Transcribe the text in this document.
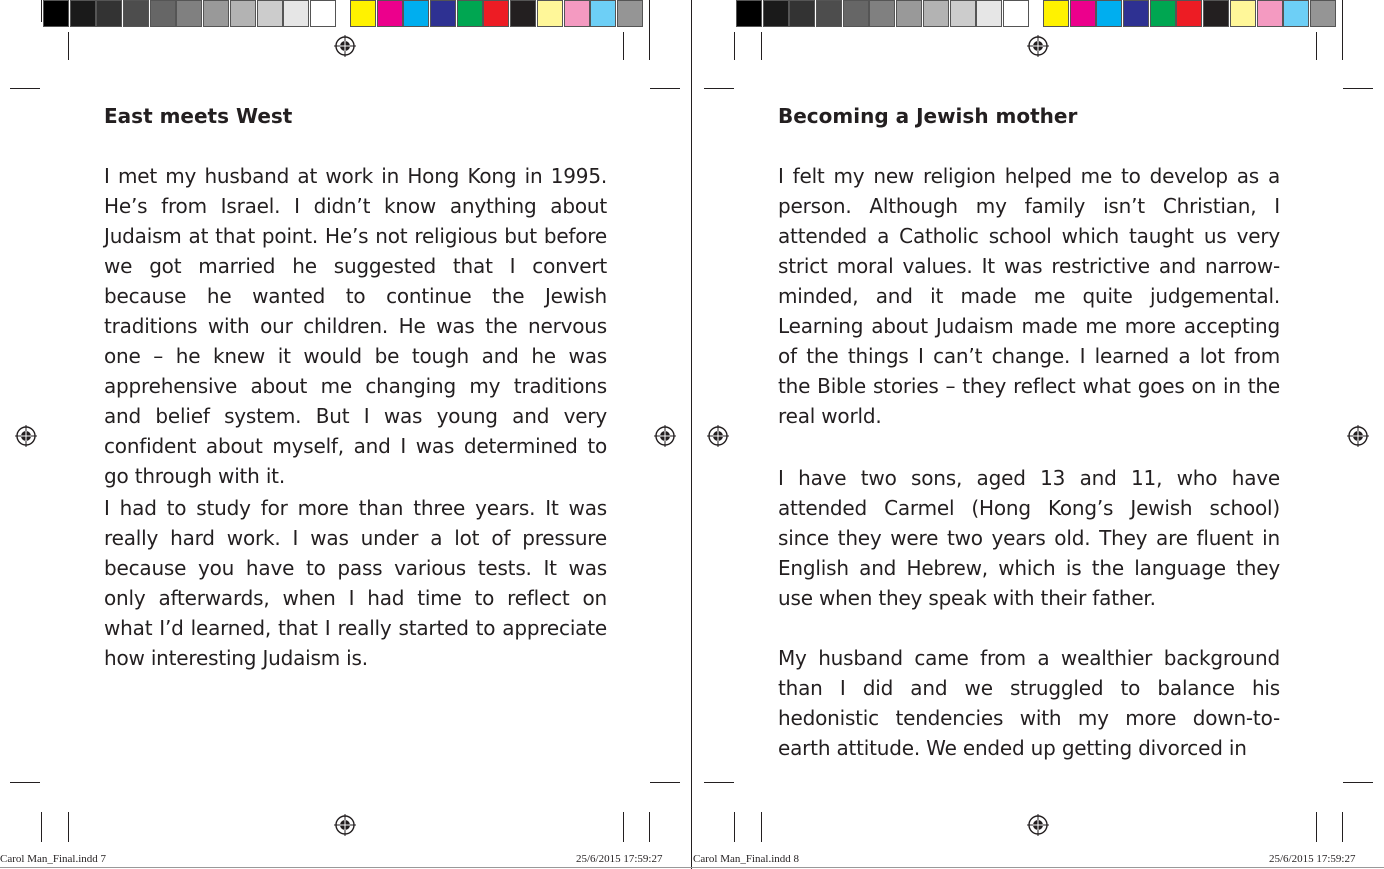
East meets West

I met my husband at work in Hong Kong in 1995. He’s from Israel. I didn’t know anything about Judaism at that point. He’s not religious but before we got married he suggested that I convert because he wanted to continue the Jewish traditions with our children. He was the nervous one – he knew it would be tough and he was apprehensive about me changing my traditions and belief system. But I was young and very confident about myself, and I was determined to go through with it.

I had to study for more than three years. It was really hard work. I was under a lot of pressure because you have to pass various tests. It was only afterwards, when I had time to reflect on what I’d learned, that I really started to appreciate how interesting Judaism is.

Becoming a Jewish mother

I felt my new religion helped me to develop as a person. Although my family isn’t Christian, I attended a Catholic school which taught us very strict moral values. It was restrictive and narrow-minded, and it made me quite judgemental. Learning about Judaism made me more accepting of the things I can’t change. I learned a lot from the Bible stories – they reflect what goes on in the real world.

I have two sons, aged 13 and 11, who have attended Carmel (Hong Kong’s Jewish school) since they were two years old. They are fluent in English and Hebrew, which is the language they use when they speak with their father.

My husband came from a wealthier background than I did and we struggled to balance his hedonistic tendencies with my more down-to-earth attitude. We ended up getting divorced in

Carol Man_Final.indd 7	25/6/2015 17:59:27	Carol Man_Final.indd 8	25/6/2015 17:59:27
